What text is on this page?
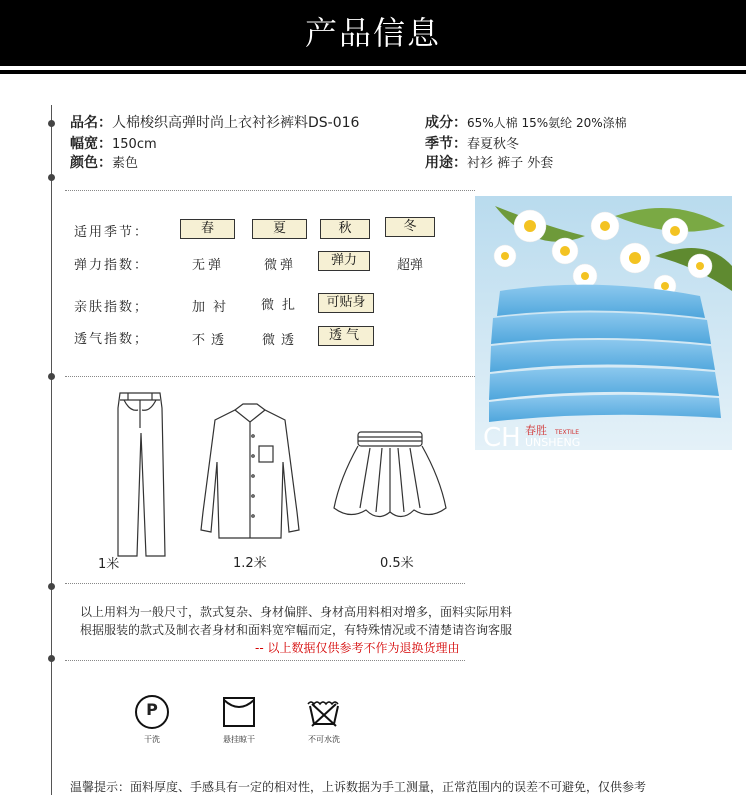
产品信息
品名：人棉梭织高弹时尚上衣衬衫裤料DS-016
幅宽：150cm
颜色：素色
成分：65%人棉 15%氨纶 20%涤棉
季节：春夏秋冬
用途：衬衫 裤子 外套
适用季节：	春	夏	秋	冬
弹力指数：	无弹	微弹	弹力	超弹
亲肤指数；	加衬	微扎	可贴身
透气指数；	不透	微透	透气
CH 春胜 TEXTILE
UNSHENG
1米	1.2米	0.5米
以上用料为一般尺寸，款式复杂、身材偏胖、身材高用料相对增多，面料实际用料
根据服装的款式及制衣者身材和面料宽窄幅而定，有特殊情况或不清楚请咨询客服
-- 以上数据仅供参考不作为退换货理由
P
干洗	悬挂晾干	不可水洗
温馨提示：面料厚度、手感具有一定的相对性，上诉数据为手工测量，正常范围内的误差不可避免，仅供参考
